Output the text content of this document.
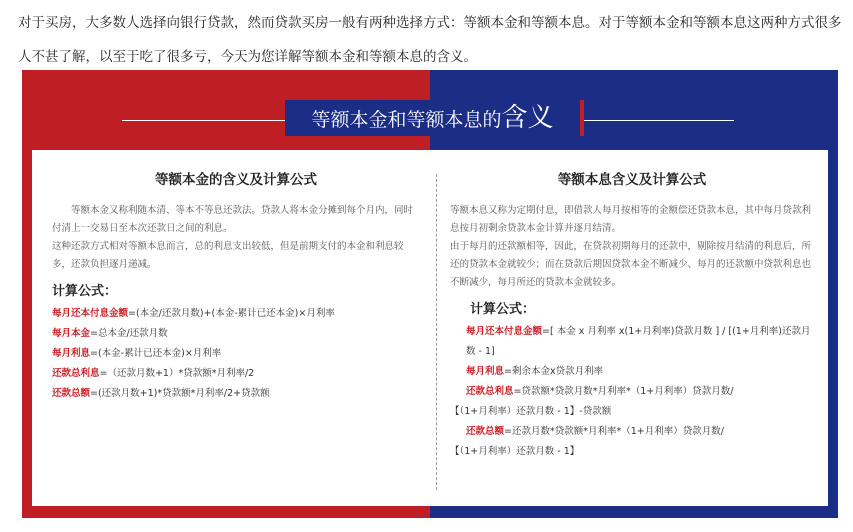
对于买房，大多数人选择向银行贷款，然而贷款买房一般有两种选择方式：等额本金和等额本息。对于等额本金和等额本息这两种方式很多人不甚了解，以至于吃了很多亏，今天为您详解等额本金和等额本息的含义。
等额本金和等额本息的含义
等额本金的含义及计算公式

　　等额本金又称利随本清、等本不等息还款法。贷款人将本金分摊到每个月内，同时付清上一交易日至本次还款日之间的利息。

这种还款方式相对等额本息而言，总的利息支出较低，但是前期支付的本金和利息较多，还款负担逐月递减。

计算公式：
每月还本付息金额=(本金/还款月数)+(本金-累计已还本金)×月利率
每月本金=总本金/还款月数
每月利息=(本金-累计已还本金)×月利率
还款总利息=（还款月数+1）*贷款额*月利率/2
还款总额=(还款月数+1)*贷款额*月利率/2+贷款额
等额本息含义及计算公式

等额本息又称为定期付息，即借款人每月按相等的金额偿还贷款本息，其中每月贷款利息按月初剩余贷款本金计算并逐月结清。

由于每月的还款额相等，因此，在贷款初期每月的还款中，剔除按月结清的利息后，所还的贷款本金就较少；而在贷款后期因贷款本金不断减少、每月的还款额中贷款利息也不断减少，每月所还的贷款本金就较多。

计算公式：
每月还本付息金额=[ 本金 x 月利率 x(1+月利率)贷款月数 ] / [(1+月利率)还款月数 - 1]
每月利息=剩余本金x贷款月利率
还款总利息=贷款额*贷款月数*月利率*（1+月利率）贷款月数/
【（1+月利率）还款月数 - 1】-贷款额
还款总额=还款月数*贷款额*月利率*（1+月利率）贷款月数/
【（1+月利率）还款月数 - 1】
